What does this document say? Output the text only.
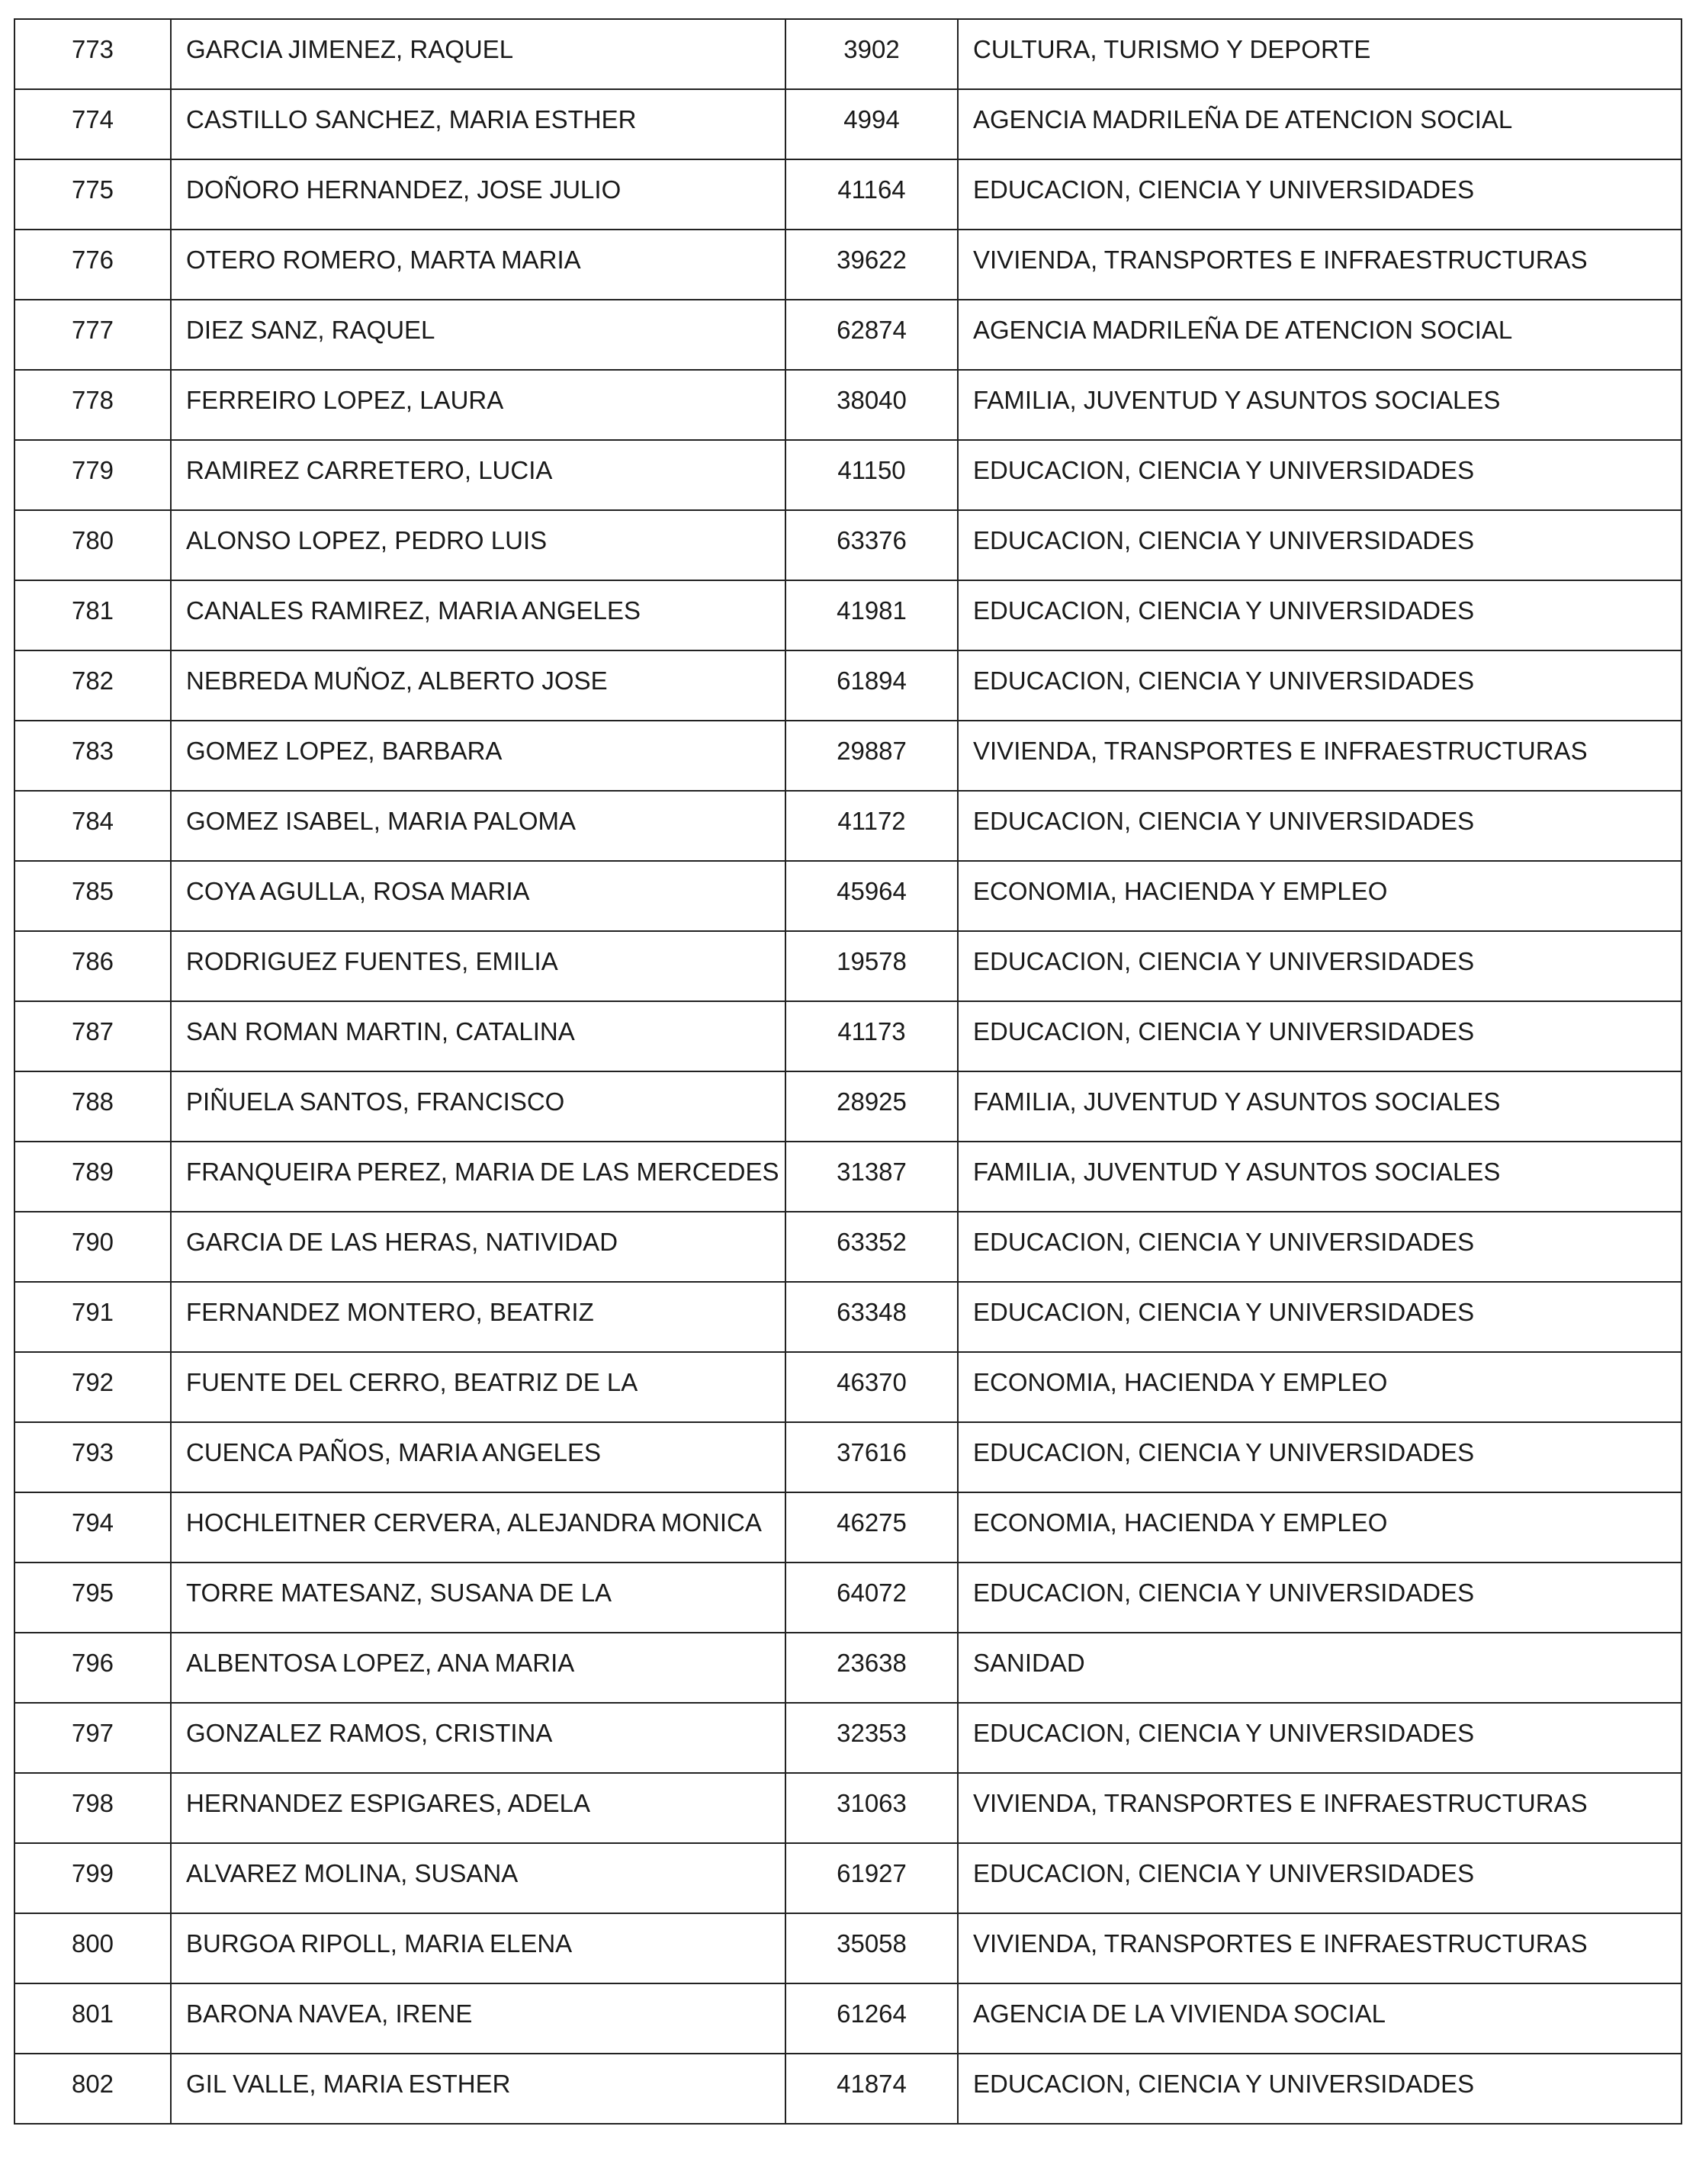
773	GARCIA JIMENEZ, RAQUEL	3902	CULTURA, TURISMO Y DEPORTE

774	CASTILLO SANCHEZ, MARIA ESTHER	4994	AGENCIA MADRILEÑA DE ATENCION SOCIAL

775	DOÑORO HERNANDEZ, JOSE JULIO	41164	EDUCACION, CIENCIA Y UNIVERSIDADES

776	OTERO ROMERO, MARTA MARIA	39622	VIVIENDA, TRANSPORTES E INFRAESTRUCTURAS

777	DIEZ SANZ, RAQUEL	62874	AGENCIA MADRILEÑA DE ATENCION SOCIAL

778	FERREIRO LOPEZ, LAURA	38040	FAMILIA, JUVENTUD Y ASUNTOS SOCIALES

779	RAMIREZ CARRETERO, LUCIA	41150	EDUCACION, CIENCIA Y UNIVERSIDADES

780	ALONSO LOPEZ, PEDRO LUIS	63376	EDUCACION, CIENCIA Y UNIVERSIDADES

781	CANALES RAMIREZ, MARIA ANGELES	41981	EDUCACION, CIENCIA Y UNIVERSIDADES

782	NEBREDA MUÑOZ, ALBERTO JOSE	61894	EDUCACION, CIENCIA Y UNIVERSIDADES

783	GOMEZ LOPEZ, BARBARA	29887	VIVIENDA, TRANSPORTES E INFRAESTRUCTURAS

784	GOMEZ ISABEL, MARIA PALOMA	41172	EDUCACION, CIENCIA Y UNIVERSIDADES

785	COYA AGULLA, ROSA MARIA	45964	ECONOMIA, HACIENDA Y EMPLEO

786	RODRIGUEZ FUENTES, EMILIA	19578	EDUCACION, CIENCIA Y UNIVERSIDADES

787	SAN ROMAN MARTIN, CATALINA	41173	EDUCACION, CIENCIA Y UNIVERSIDADES

788	PIÑUELA SANTOS, FRANCISCO	28925	FAMILIA, JUVENTUD Y ASUNTOS SOCIALES

789	FRANQUEIRA PEREZ, MARIA DE LAS MERCEDES	31387	FAMILIA, JUVENTUD Y ASUNTOS SOCIALES

790	GARCIA DE LAS HERAS, NATIVIDAD	63352	EDUCACION, CIENCIA Y UNIVERSIDADES

791	FERNANDEZ MONTERO, BEATRIZ	63348	EDUCACION, CIENCIA Y UNIVERSIDADES

792	FUENTE DEL CERRO, BEATRIZ DE LA	46370	ECONOMIA, HACIENDA Y EMPLEO

793	CUENCA PAÑOS, MARIA ANGELES	37616	EDUCACION, CIENCIA Y UNIVERSIDADES

794	HOCHLEITNER CERVERA, ALEJANDRA MONICA	46275	ECONOMIA, HACIENDA Y EMPLEO

795	TORRE MATESANZ, SUSANA DE LA	64072	EDUCACION, CIENCIA Y UNIVERSIDADES

796	ALBENTOSA LOPEZ, ANA MARIA	23638	SANIDAD

797	GONZALEZ RAMOS, CRISTINA	32353	EDUCACION, CIENCIA Y UNIVERSIDADES

798	HERNANDEZ ESPIGARES, ADELA	31063	VIVIENDA, TRANSPORTES E INFRAESTRUCTURAS

799	ALVAREZ MOLINA, SUSANA	61927	EDUCACION, CIENCIA Y UNIVERSIDADES

800	BURGOA RIPOLL, MARIA ELENA	35058	VIVIENDA, TRANSPORTES E INFRAESTRUCTURAS

801	BARONA NAVEA, IRENE	61264	AGENCIA DE LA VIVIENDA SOCIAL

802	GIL VALLE, MARIA ESTHER	41874	EDUCACION, CIENCIA Y UNIVERSIDADES
